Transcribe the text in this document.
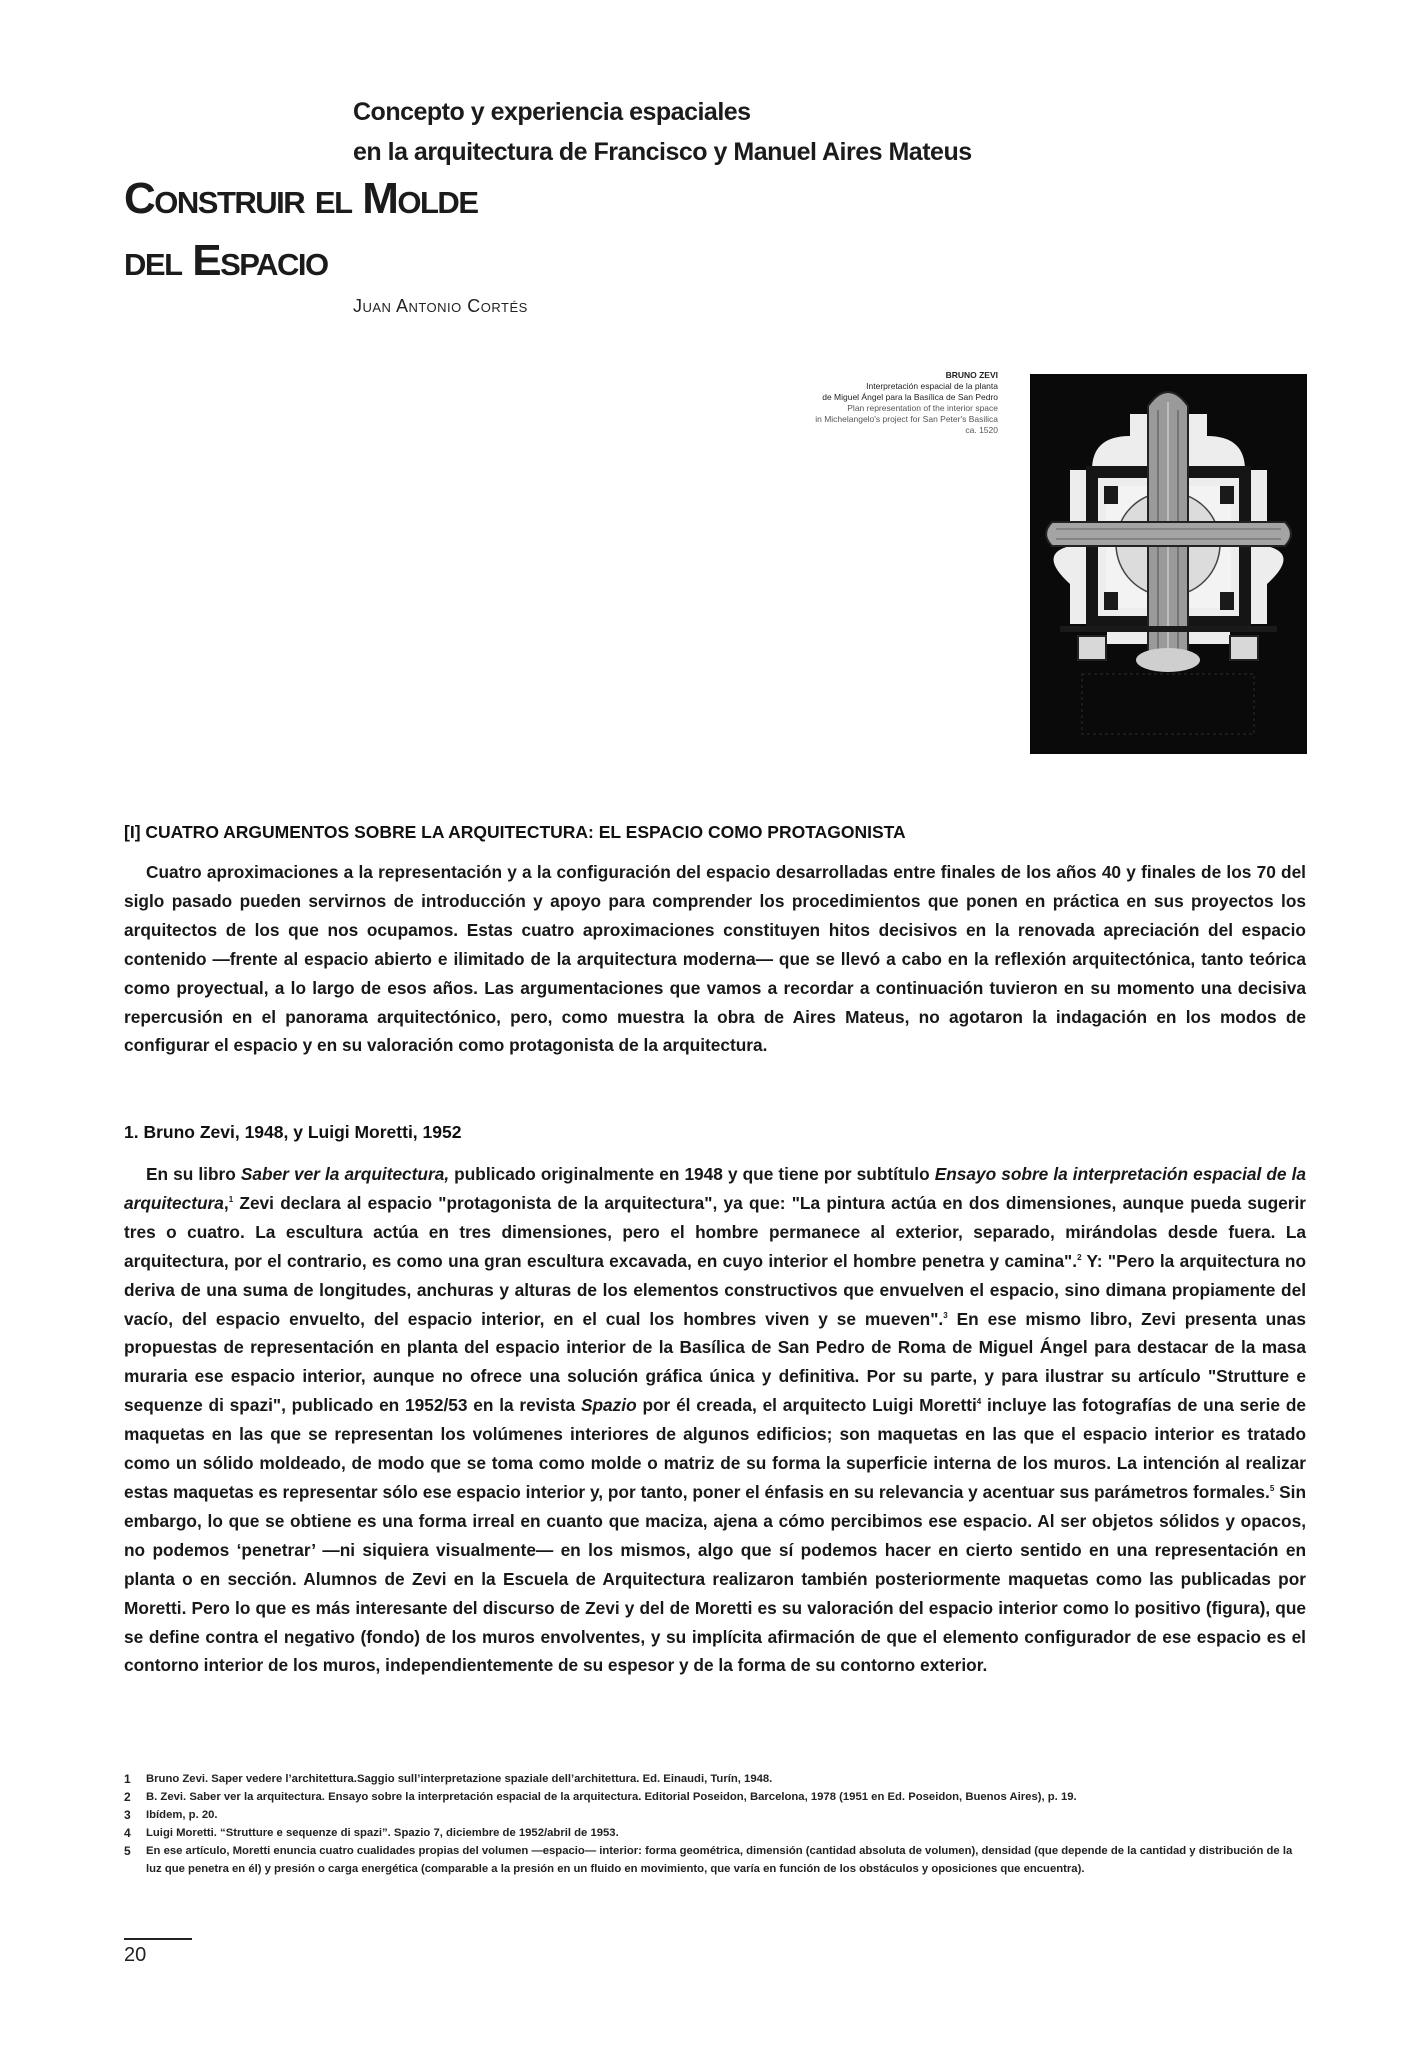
Concepto y experiencia espaciales
en la arquitectura de Francisco y Manuel Aires Mateus
Construir el Molde
del Espacio
Juan Antonio Cortés
BRUNO ZEVI
Interpretación espacial de la planta
de Miguel Ángel para la Basílica de San Pedro
Plan representation of the interior space
in Michelangelo's project for San Peter's Basilica
ca. 1520
[I] CUATRO ARGUMENTOS SOBRE LA ARQUITECTURA: EL ESPACIO COMO PROTAGONISTA

Cuatro aproximaciones a la representación y a la configuración del espacio desarrolladas entre finales de los años 40 y finales de los 70 del siglo pasado pueden servirnos de introducción y apoyo para comprender los procedimientos que ponen en práctica en sus proyectos los arquitectos de los que nos ocupamos. Estas cuatro aproximaciones constituyen hitos decisivos en la renovada apreciación del espacio contenido —frente al espacio abierto e ilimitado de la arquitectura moderna— que se llevó a cabo en la reflexión arquitectónica, tanto teórica como proyectual, a lo largo de esos años. Las argumentaciones que vamos a recordar a continuación tuvieron en su momento una decisiva repercusión en el panorama arquitectónico, pero, como muestra la obra de Aires Mateus, no agotaron la indagación en los modos de configurar el espacio y en su valoración como protagonista de la arquitectura.

1. Bruno Zevi, 1948, y Luigi Moretti, 1952

En su libro Saber ver la arquitectura, publicado originalmente en 1948 y que tiene por subtítulo Ensayo sobre la interpretación espacial de la arquitectura,$^1$ Zevi declara al espacio "protagonista de la arquitectura", ya que: "La pintura actúa en dos dimensiones, aunque pueda sugerir tres o cuatro. La escultura actúa en tres dimensiones, pero el hombre permanece al exterior, separado, mirándolas desde fuera. La arquitectura, por el contrario, es como una gran escultura excavada, en cuyo interior el hombre penetra y camina".$^2$ Y: "Pero la arquitectura no deriva de una suma de longitudes, anchuras y alturas de los elementos constructivos que envuelven el espacio, sino dimana propiamente del vacío, del espacio envuelto, del espacio interior, en el cual los hombres viven y se mueven".$^3$ En ese mismo libro, Zevi presenta unas propuestas de representación en planta del espacio interior de la Basílica de San Pedro de Roma de Miguel Ángel para destacar de la masa muraria ese espacio interior, aunque no ofrece una solución gráfica única y definitiva. Por su parte, y para ilustrar su artículo "Strutture e sequenze di spazi", publicado en 1952/53 en la revista Spazio por él creada, el arquitecto Luigi Moretti$^4$ incluye las fotografías de una serie de maquetas en las que se representan los volúmenes interiores de algunos edificios; son maquetas en las que el espacio interior es tratado como un sólido moldeado, de modo que se toma como molde o matriz de su forma la superficie interna de los muros. La intención al realizar estas maquetas es representar sólo ese espacio interior y, por tanto, poner el énfasis en su relevancia y acentuar sus parámetros formales.$^5$ Sin embargo, lo que se obtiene es una forma irreal en cuanto que maciza, ajena a cómo percibimos ese espacio. Al ser objetos sólidos y opacos, no podemos ‘penetrar’ —ni siquiera visualmente— en los mismos, algo que sí podemos hacer en cierto sentido en una representación en planta o en sección. Alumnos de Zevi en la Escuela de Arquitectura realizaron también posteriormente maquetas como las publicadas por Moretti. Pero lo que es más interesante del discurso de Zevi y del de Moretti es su valoración del espacio interior como lo positivo (figura), que se define contra el negativo (fondo) de los muros envolventes, y su implícita afirmación de que el elemento configurador de ese espacio es el contorno interior de los muros, independientemente de su espesor y de la forma de su contorno exterior.

1	Bruno Zevi. Saper vedere l’architettura.Saggio sull’interpretazione spaziale dell’architettura. Ed. Einaudi, Turín, 1948.
2	B. Zevi. Saber ver la arquitectura. Ensayo sobre la interpretación espacial de la arquitectura. Editorial Poseidon, Barcelona, 1978 (1951 en Ed. Poseidon, Buenos Aires), p. 19.
3	Ibídem, p. 20.
4	Luigi Moretti. “Strutture e sequenze di spazi”. Spazio 7, diciembre de 1952/abril de 1953.
5	En ese artículo, Moretti enuncia cuatro cualidades propias del volumen —espacio— interior: forma geométrica, dimensión (cantidad absoluta de volumen), densidad (que depende de la cantidad y distribución de la luz que penetra en él) y presión o carga energética (comparable a la presión en un fluido en movimiento, que varía en función de los obstáculos y oposiciones que encuentra).
20
